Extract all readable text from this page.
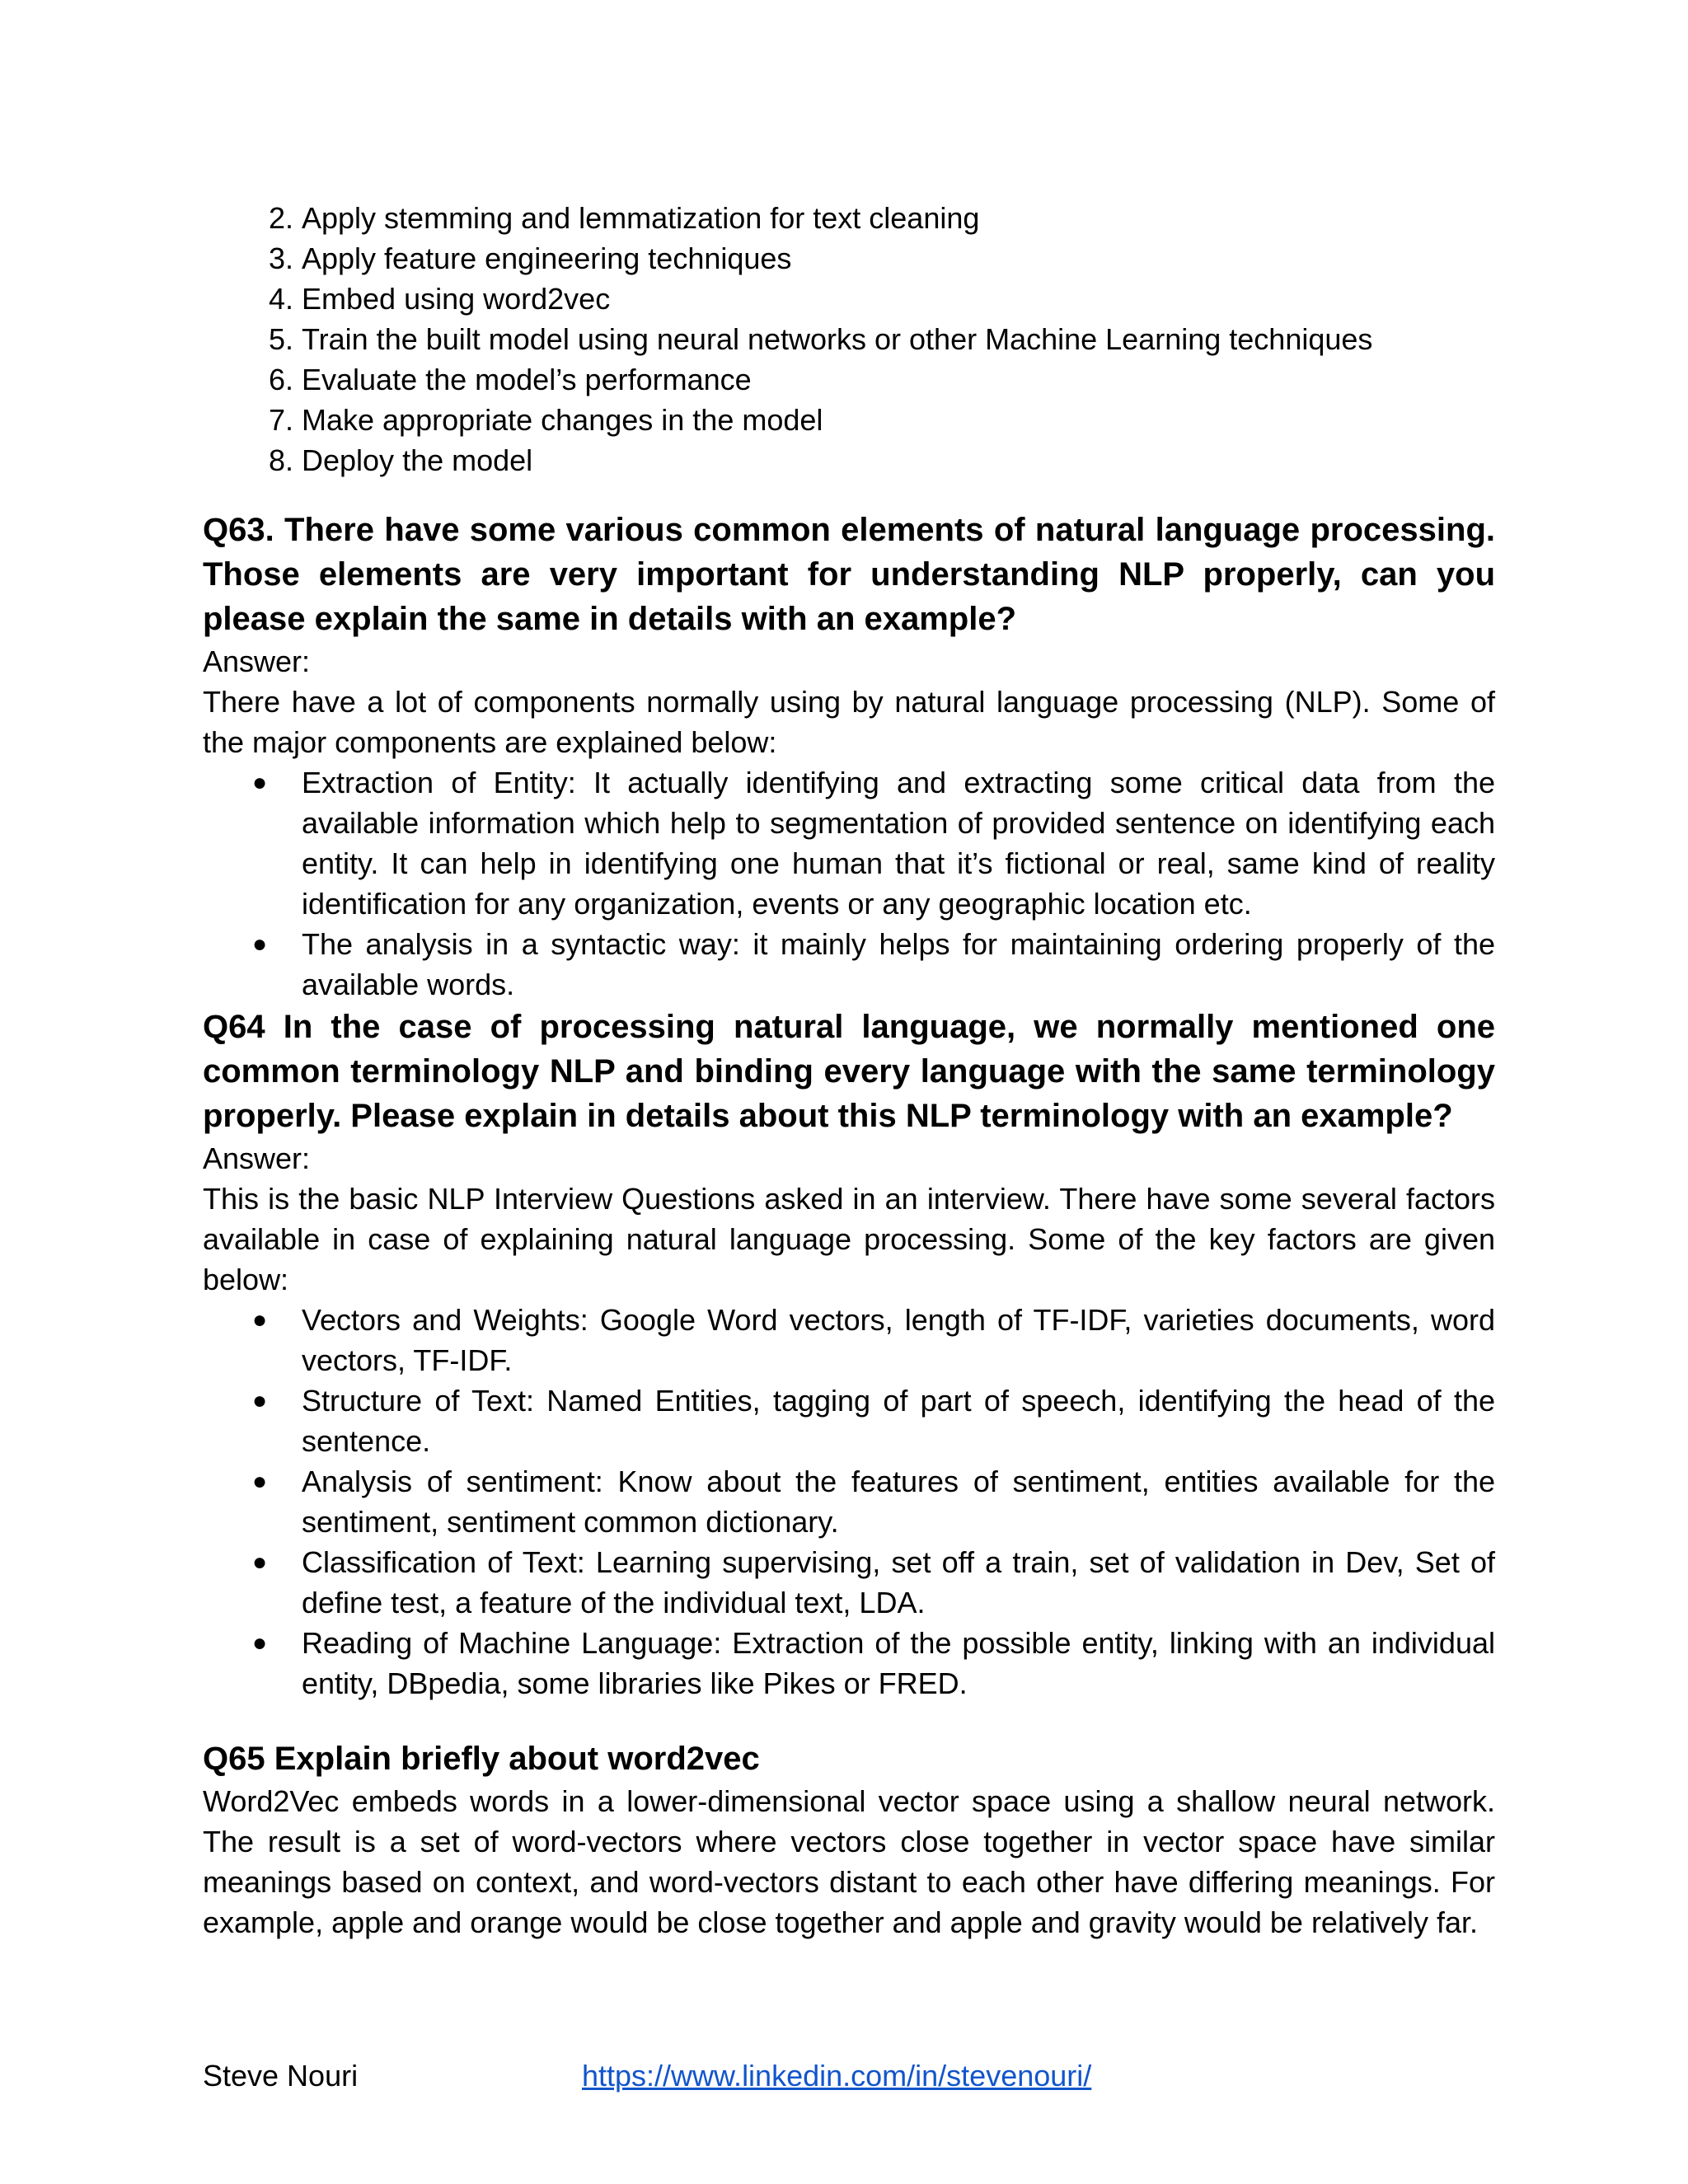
2. Apply stemming and lemmatization for text cleaning
3. Apply feature engineering techniques
4. Embed using word2vec
5. Train the built model using neural networks or other Machine Learning techniques
6. Evaluate the model’s performance
7. Make appropriate changes in the model
8. Deploy the model
Q63. There have some various common elements of natural language processing. Those elements are very important for understanding NLP properly, can you please explain the same in details with an example?

Answer:

There have a lot of components normally using by natural language processing (NLP). Some of the major components are explained below:

● Extraction of Entity: It actually identifying and extracting some critical data from the available information which help to segmentation of provided sentence on identifying each entity. It can help in identifying one human that it’s fictional or real, same kind of reality identification for any organization, events or any geographic location etc.
● The analysis in a syntactic way: it mainly helps for maintaining ordering properly of the available words.
Q64 In the case of processing natural language, we normally mentioned one common terminology NLP and binding every language with the same terminology properly. Please explain in details about this NLP terminology with an example?

Answer:

This is the basic NLP Interview Questions asked in an interview. There have some several factors available in case of explaining natural language processing. Some of the key factors are given below:

● Vectors and Weights: Google Word vectors, length of TF-IDF, varieties documents, word vectors, TF-IDF.
● Structure of Text: Named Entities, tagging of part of speech, identifying the head of the sentence.
● Analysis of sentiment: Know about the features of sentiment, entities available for the sentiment, sentiment common dictionary.
● Classification of Text: Learning supervising, set off a train, set of validation in Dev, Set of define test, a feature of the individual text, LDA.
● Reading of Machine Language: Extraction of the possible entity, linking with an individual entity, DBpedia, some libraries like Pikes or FRED.
Q65 Explain briefly about word2vec

Word2Vec embeds words in a lower-dimensional vector space using a shallow neural network. The result is a set of word-vectors where vectors close together in vector space have similar meanings based on context, and word-vectors distant to each other have differing meanings. For example, apple and orange would be close together and apple and gravity would be relatively far.

Steve Nouri	https://www.linkedin.com/in/stevenouri/
